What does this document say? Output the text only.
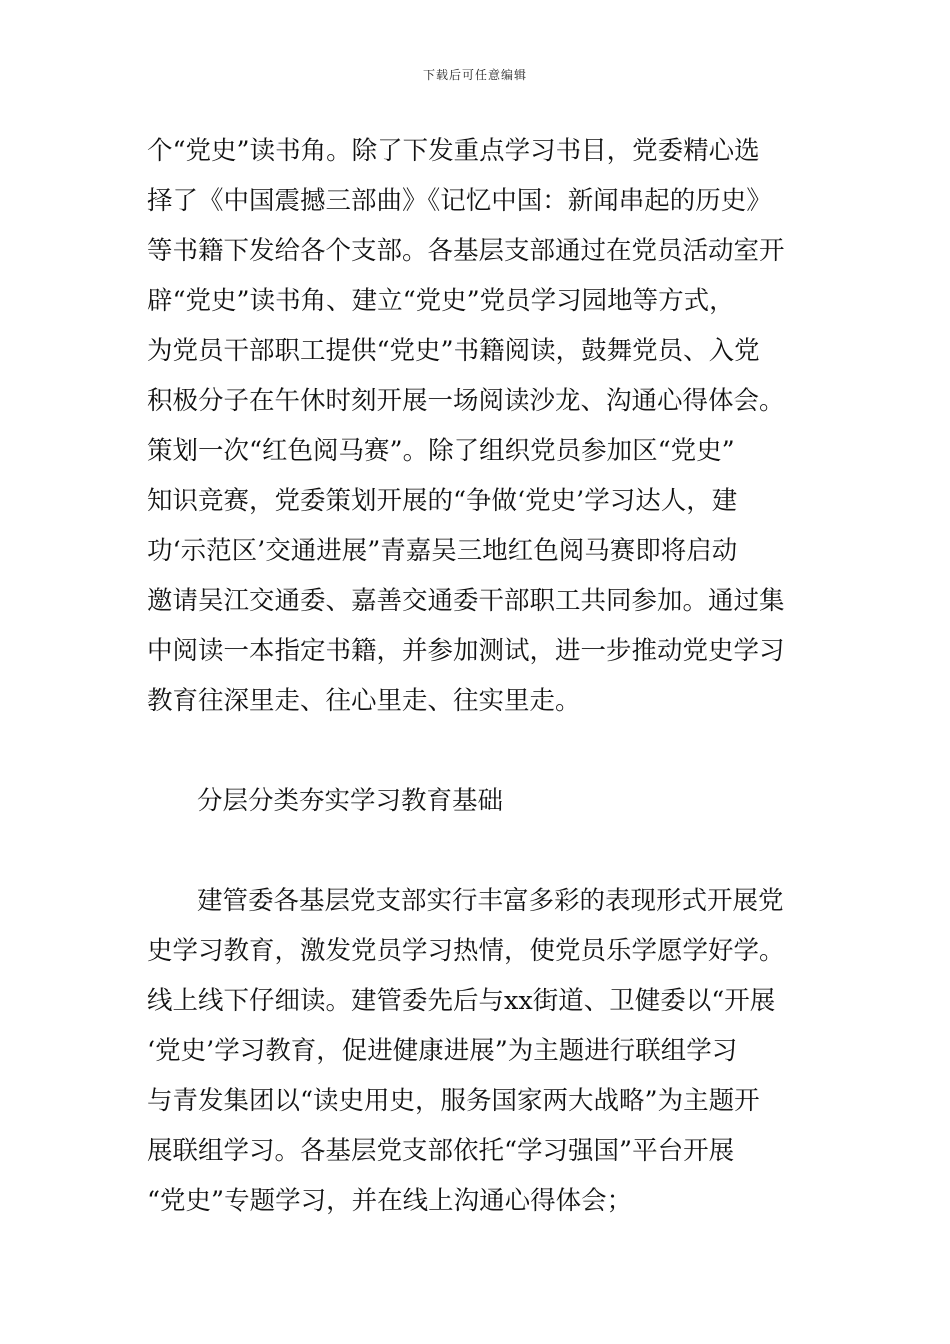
下载后可任意编辑
个“党史”读书角。除了下发重点学习书目，党委精心选
择了《中国震撼三部曲》《记忆中国：新闻串起的历史》
等书籍下发给各个支部。各基层支部通过在党员活动室开
辟“党史”读书角、建立“党史”党员学习园地等方式，
为党员干部职工提供“党史”书籍阅读，鼓舞党员、入党
积极分子在午休时刻开展一场阅读沙龙、沟通心得体会。
策划一次“红色阅马赛”。除了组织党员参加区“党史”
知识竞赛，党委策划开展的“争做‘党史’学习达人，建
功‘示范区’交通进展”青嘉吴三地红色阅马赛即将启动
邀请吴江交通委、嘉善交通委干部职工共同参加。通过集
中阅读一本指定书籍，并参加测试，进一步推动党史学习
教育往深里走、往心里走、往实里走。
分层分类夯实学习教育基础
建管委各基层党支部实行丰富多彩的表现形式开展党
史学习教育，激发党员学习热情，使党员乐学愿学好学。
线上线下仔细读。建管委先后与xx街道、卫健委以“开展
‘党史’学习教育，促进健康进展”为主题进行联组学习
与青发集团以“读史用史，服务国家两大战略”为主题开
展联组学习。各基层党支部依托“学习强国”平台开展
“党史”专题学习，并在线上沟通心得体会；
